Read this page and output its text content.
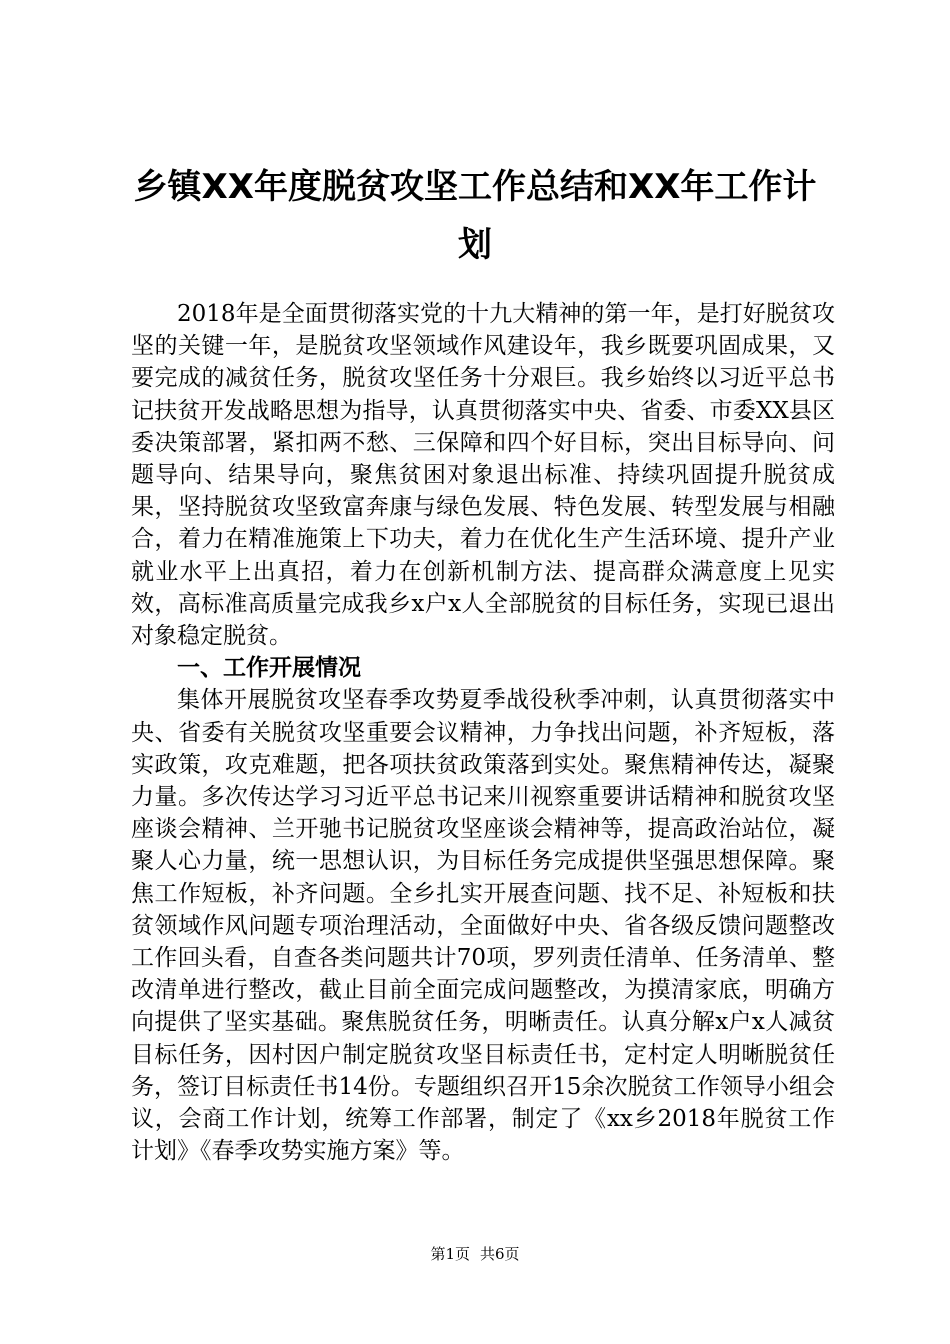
乡镇XX年度脱贫攻坚工作总结和XX年工作计划

2018年是全面贯彻落实党的十九大精神的第一年，是打好脱贫攻坚的关键一年，是脱贫攻坚领域作风建设年，我乡既要巩固成果，又要完成的减贫任务，脱贫攻坚任务十分艰巨。我乡始终以习近平总书记扶贫开发战略思想为指导，认真贯彻落实中央、省委、市委XX县区委决策部署，紧扣两不愁、三保障和四个好目标，突出目标导向、问题导向、结果导向，聚焦贫困对象退出标准、持续巩固提升脱贫成果，坚持脱贫攻坚致富奔康与绿色发展、特色发展、转型发展与相融合，着力在精准施策上下功夫，着力在优化生产生活环境、提升产业就业水平上出真招，着力在创新机制方法、提高群众满意度上见实效，高标准高质量完成我乡x户x人全部脱贫的目标任务，实现已退出对象稳定脱贫。

一、工作开展情况

集体开展脱贫攻坚春季攻势夏季战役秋季冲刺，认真贯彻落实中央、省委有关脱贫攻坚重要会议精神，力争找出问题，补齐短板，落实政策，攻克难题，把各项扶贫政策落到实处。聚焦精神传达，凝聚力量。多次传达学习习近平总书记来川视察重要讲话精神和脱贫攻坚座谈会精神、兰开驰书记脱贫攻坚座谈会精神等，提高政治站位，凝聚人心力量，统一思想认识，为目标任务完成提供坚强思想保障。聚焦工作短板，补齐问题。全乡扎实开展查问题、找不足、补短板和扶贫领域作风问题专项治理活动，全面做好中央、省各级反馈问题整改工作回头看，自查各类问题共计70项，罗列责任清单、任务清单、整改清单进行整改，截止目前全面完成问题整改，为摸清家底，明确方向提供了坚实基础。聚焦脱贫任务，明晰责任。认真分解x户x人减贫目标任务，因村因户制定脱贫攻坚目标责任书，定村定人明晰脱贫任务，签订目标责任书14份。专题组织召开15余次脱贫工作领导小组会议，会商工作计划，统筹工作部署，制定了《xx乡2018年脱贫工作计划》《春季攻势实施方案》等。

第1页 共6页
